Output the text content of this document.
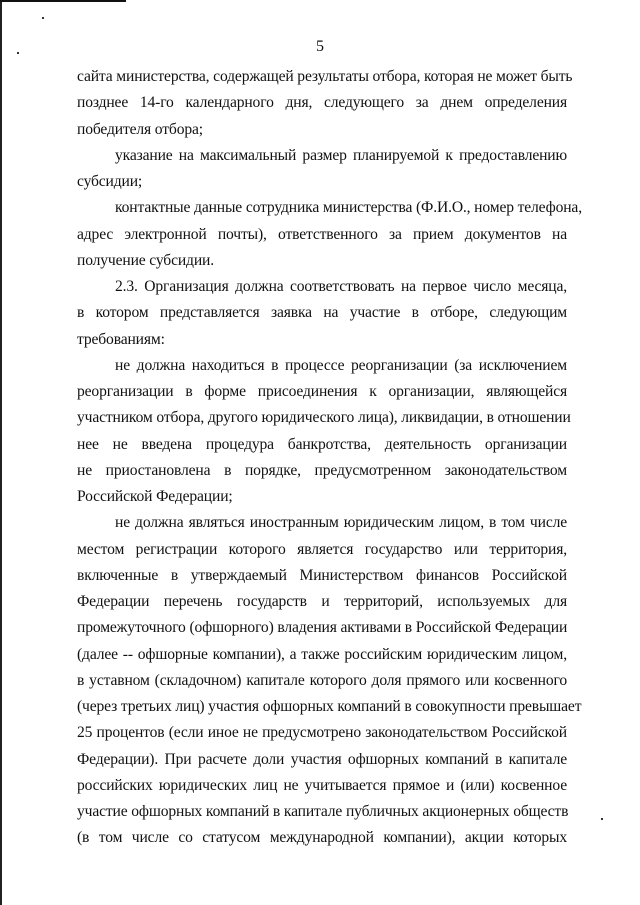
5
сайта министерства, содержащей результаты отбора, которая не может быть
позднее 14-го календарного дня, следующего за днем определения
победителя отбора;
указание на максимальный размер планируемой к предоставлению
субсидии;
контактные данные сотрудника министерства (Ф.И.О., номер телефона,
адрес электронной почты), ответственного за прием документов на
получение субсидии.
2.3. Организация должна соответствовать на первое число месяца,
в котором представляется заявка на участие в отборе, следующим
требованиям:
не должна находиться в процессе реорганизации (за исключением
реорганизации в форме присоединения к организации, являющейся
участником отбора, другого юридического лица), ликвидации, в отношении
нее не введена процедура банкротства, деятельность организации
не приостановлена в порядке, предусмотренном законодательством
Российской Федерации;
не должна являться иностранным юридическим лицом, в том числе
местом регистрации которого является государство или территория,
включенные в утверждаемый Министерством финансов Российской
Федерации перечень государств и территорий, используемых для
промежуточного (офшорного) владения активами в Российской Федерации
(далее -- офшорные компании), а также российским юридическим лицом,
в уставном (складочном) капитале которого доля прямого или косвенного
(через третьих лиц) участия офшорных компаний в совокупности превышает
25 процентов (если иное не предусмотрено законодательством Российской
Федерации). При расчете доли участия офшорных компаний в капитале
российских юридических лиц не учитывается прямое и (или) косвенное
участие офшорных компаний в капитале публичных акционерных обществ
(в том числе со статусом международной компании), акции которых
